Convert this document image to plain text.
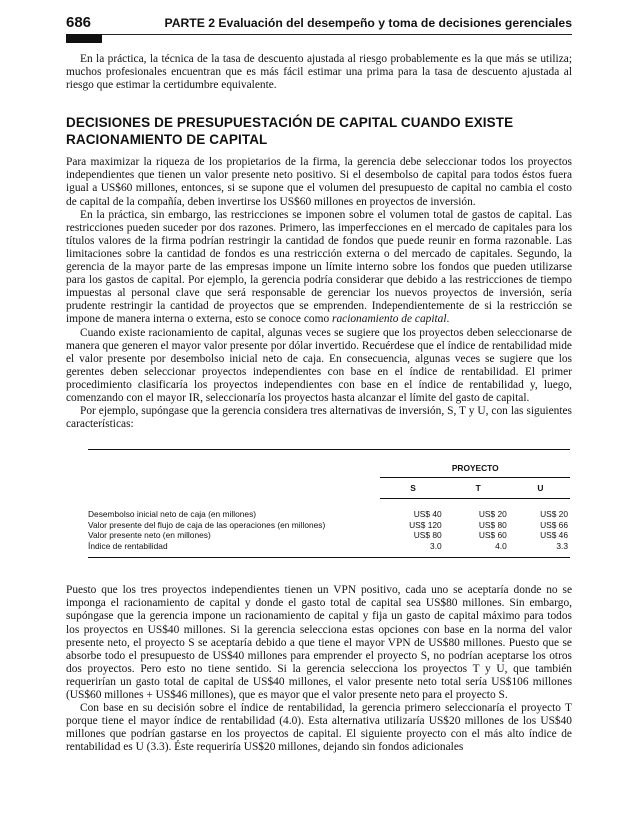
686	PARTE 2 Evaluación del desempeño y toma de decisiones gerenciales

En la práctica, la técnica de la tasa de descuento ajustada al riesgo probablemente es la que más se utiliza; muchos profesionales encuentran que es más fácil estimar una prima para la tasa de descuento ajustada al riesgo que estimar la certidumbre equivalente.

DECISIONES DE PRESUPUESTACIÓN DE CAPITAL CUANDO EXISTE RACIONAMIENTO DE CAPITAL

Para maximizar la riqueza de los propietarios de la firma, la gerencia debe seleccionar todos los proyectos independientes que tienen un valor presente neto positivo. Si el desembolso de capital para todos éstos fuera igual a US$60 millones, entonces, si se supone que el volumen del presupuesto de capital no cambia el costo de capital de la compañía, deben invertirse los US$60 millones en proyectos de inversión.

En la práctica, sin embargo, las restricciones se imponen sobre el volumen total de gastos de capital. Las restricciones pueden suceder por dos razones. Primero, las imperfecciones en el mercado de capitales para los títulos valores de la firma podrían restringir la cantidad de fondos que puede reunir en forma razonable. Las limitaciones sobre la cantidad de fondos es una restricción externa o del mercado de capitales. Segundo, la gerencia de la mayor parte de las empresas impone un límite interno sobre los fondos que pueden utilizarse para los gastos de capital. Por ejemplo, la gerencia podría considerar que debido a las restricciones de tiempo impuestas al personal clave que será responsable de gerenciar los nuevos proyectos de inversión, sería prudente restringir la cantidad de proyectos que se emprenden. Independientemente de si la restricción se impone de manera interna o externa, esto se conoce como racionamiento de capital.

Cuando existe racionamiento de capital, algunas veces se sugiere que los proyectos deben seleccionarse de manera que generen el mayor valor presente por dólar invertido. Recuérdese que el índice de rentabilidad mide el valor presente por desembolso inicial neto de caja. En consecuencia, algunas veces se sugiere que los gerentes deben seleccionar proyectos independientes con base en el índice de rentabilidad. El primer procedimiento clasificaría los proyectos independientes con base en el índice de rentabilidad y, luego, comenzando con el mayor IR, seleccionaría los proyectos hasta alcanzar el límite del gasto de capital.

Por ejemplo, supóngase que la gerencia considera tres alternativas de inversión, S, T y U, con las siguientes características:

	PROYECTO		
	S	T	U

Desembolso inicial neto de caja (en millones)	US$ 40	US$ 20	US$ 20
Valor presente del flujo de caja de las operaciones (en millones)	US$ 120	US$ 80	US$ 66
Valor presente neto (en millones)	US$ 80	US$ 60	US$ 46
Índice de rentabilidad	3.0	4.0	3.3

Puesto que los tres proyectos independientes tienen un VPN positivo, cada uno se aceptaría donde no se imponga el racionamiento de capital y donde el gasto total de capital sea US$80 millones. Sin embargo, supóngase que la gerencia impone un racionamiento de capital y fija un gasto de capital máximo para todos los proyectos en US$40 millones. Si la gerencia selecciona estas opciones con base en la norma del valor presente neto, el proyecto S se aceptaría debido a que tiene el mayor VPN de US$80 millones. Puesto que se absorbe todo el presupuesto de US$40 millones para emprender el proyecto S, no podrían aceptarse los otros dos proyectos. Pero esto no tiene sentido. Si la gerencia selecciona los proyectos T y U, que también requerirían un gasto total de capital de US$40 millones, el valor presente neto total sería US$106 millones (US$60 millones + US$46 millones), que es mayor que el valor presente neto para el proyecto S.

Con base en su decisión sobre el índice de rentabilidad, la gerencia primero seleccionaría el proyecto T porque tiene el mayor índice de rentabilidad (4.0). Esta alternativa utilizaría US$20 millones de los US$40 millones que podrían gastarse en los proyectos de capital. El siguiente proyecto con el más alto índice de rentabilidad es U (3.3). Éste requeriría US$20 millones, dejando sin fondos adicionales
